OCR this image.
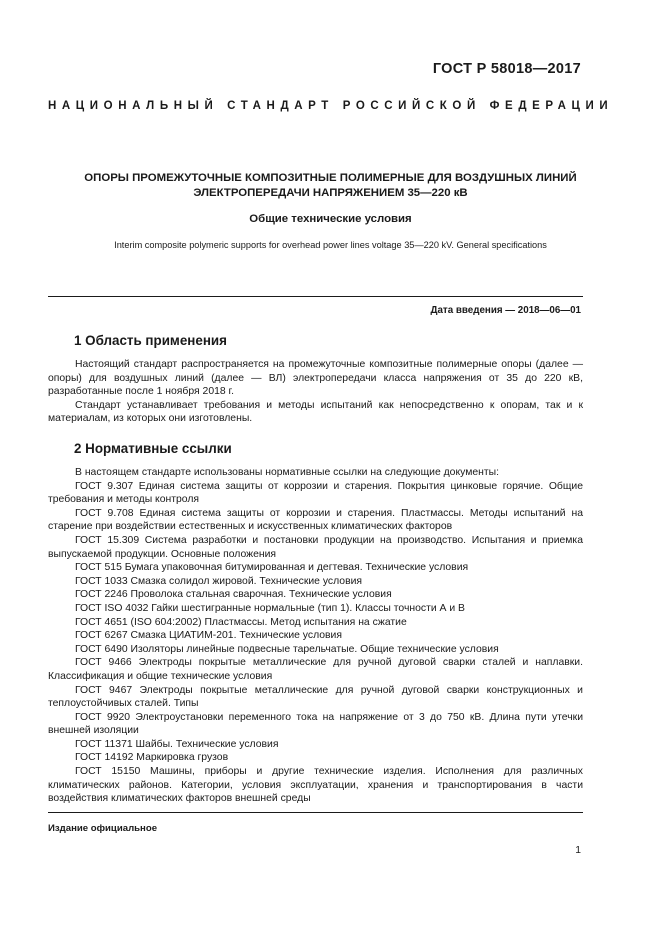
ГОСТ Р 58018—2017
НАЦИОНАЛЬНЫЙ СТАНДАРТ РОССИЙСКОЙ ФЕДЕРАЦИИ
ОПОРЫ ПРОМЕЖУТОЧНЫЕ КОМПОЗИТНЫЕ ПОЛИМЕРНЫЕ ДЛЯ ВОЗДУШНЫХ ЛИНИЙ
ЭЛЕКТРОПЕРЕДАЧИ НАПРЯЖЕНИЕМ 35—220 кВ
Общие технические условия
Interim composite polymeric supports for overhead power lines voltage 35—220 kV. General specifications
Дата введения — 2018—06—01
1 Область применения

Настоящий стандарт распространяется на промежуточные композитные полимерные опоры (далее — опоры) для воздушных линий (далее — ВЛ) электропередачи класса напряжения от 35 до 220 кВ, разработанные после 1 ноября 2018 г.

Стандарт устанавливает требования и методы испытаний как непосредственно к опорам, так и к материалам, из которых они изготовлены.

2 Нормативные ссылки

В настоящем стандарте использованы нормативные ссылки на следующие документы:

ГОСТ 9.307 Единая система защиты от коррозии и старения. Покрытия цинковые горячие. Общие требования и методы контроля

ГОСТ 9.708 Единая система защиты от коррозии и старения. Пластмассы. Методы испытаний на старение при воздействии естественных и искусственных климатических факторов

ГОСТ 15.309 Система разработки и постановки продукции на производство. Испытания и приемка выпускаемой продукции. Основные положения

ГОСТ 515 Бумага упаковочная битумированная и дегтевая. Технические условия

ГОСТ 1033 Смазка солидол жировой. Технические условия

ГОСТ 2246 Проволока стальная сварочная. Технические условия

ГОСТ ISO 4032 Гайки шестигранные нормальные (тип 1). Классы точности А и В

ГОСТ 4651 (ISO 604:2002) Пластмассы. Метод испытания на сжатие

ГОСТ 6267 Смазка ЦИАТИМ-201. Технические условия

ГОСТ 6490 Изоляторы линейные подвесные тарельчатые. Общие технические условия

ГОСТ 9466 Электроды покрытые металлические для ручной дуговой сварки сталей и наплавки. Классификация и общие технические условия

ГОСТ 9467 Электроды покрытые металлические для ручной дуговой сварки конструкционных и теплоустойчивых сталей. Типы

ГОСТ 9920 Электроустановки переменного тока на напряжение от 3 до 750 кВ. Длина пути утечки внешней изоляции

ГОСТ 11371 Шайбы. Технические условия

ГОСТ 14192 Маркировка грузов

ГОСТ 15150 Машины, приборы и другие технические изделия. Исполнения для различных климатических районов. Категории, условия эксплуатации, хранения и транспортирования в части воздействия климатических факторов внешней среды

Издание официальное
1
